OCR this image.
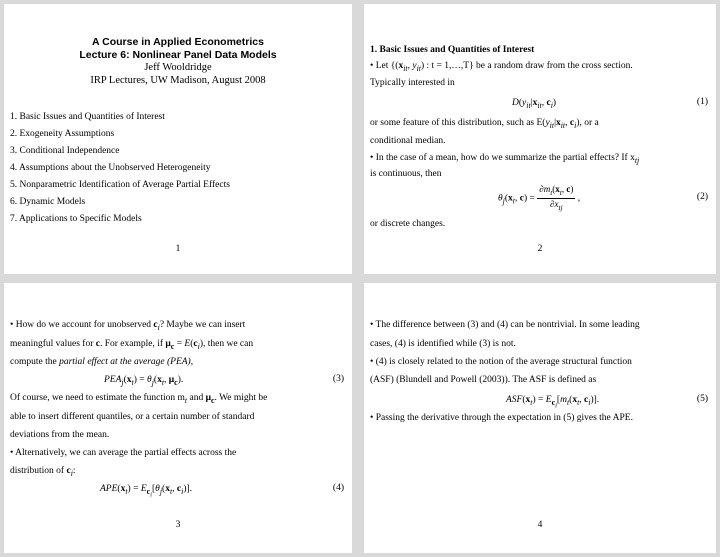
A Course in Applied Econometrics
Lecture 6: Nonlinear Panel Data Models
Jeff Wooldridge
IRP Lectures, UW Madison, August 2008
1. Basic Issues and Quantities of Interest
2. Exogeneity Assumptions
3. Conditional Independence
4. Assumptions about the Unobserved Heterogeneity
5. Nonparametric Identification of Average Partial Effects
6. Dynamic Models
7. Applications to Specific Models
1
1. Basic Issues and Quantities of Interest
• Let {($x_{it}$, $y_{it}$) : t = 1,…,T} be a random draw from the cross section.
Typically interested in
$D(y_{it}|x_{it}$, $c_i$)	(1)
or some feature of this distribution, such as $E(y_{it}|x_{it}$, $c_i$), or a
conditional median.
• In the case of a mean, how do we summarize the partial effects? If $x_{tj}$
is continuous, then
$\theta_j(x_t$, $c) = \frac{\partial m_t(x_t, c)}{\partial x_{tj}}$ ,	(2)
or discrete changes.
2
• How do we account for unobserved $c_i$? Maybe we can insert
meaningful values for c. For example, if $\mu_c = E(c_i)$, then we can
compute the partial effect at the average (PEA),
$PEA_j(x_t) = \theta_j(x_t$, $\mu_c$).	(3)
Of course, we need to estimate the function $m_t$ and $\mu_c$. We might be
able to insert different quantiles, or a certain number of standard
deviations from the mean.
• Alternatively, we can average the partial effects across the
distribution of $c_i$:
$APE(x_t) = E_{c_i}[\theta_j(x_t$, $c_i$)].	(4)
3
• The difference between (3) and (4) can be nontrivial. In some leading
cases, (4) is identified while (3) is not.
• (4) is closely related to the notion of the average structural function
(ASF) (Blundell and Powell (2003)). The ASF is defined as
$ASF(x_t) = E_{c_i}[m_t(x_t$, $c_i$)].	(5)
• Passing the derivative through the expectation in (5) gives the APE.
4
